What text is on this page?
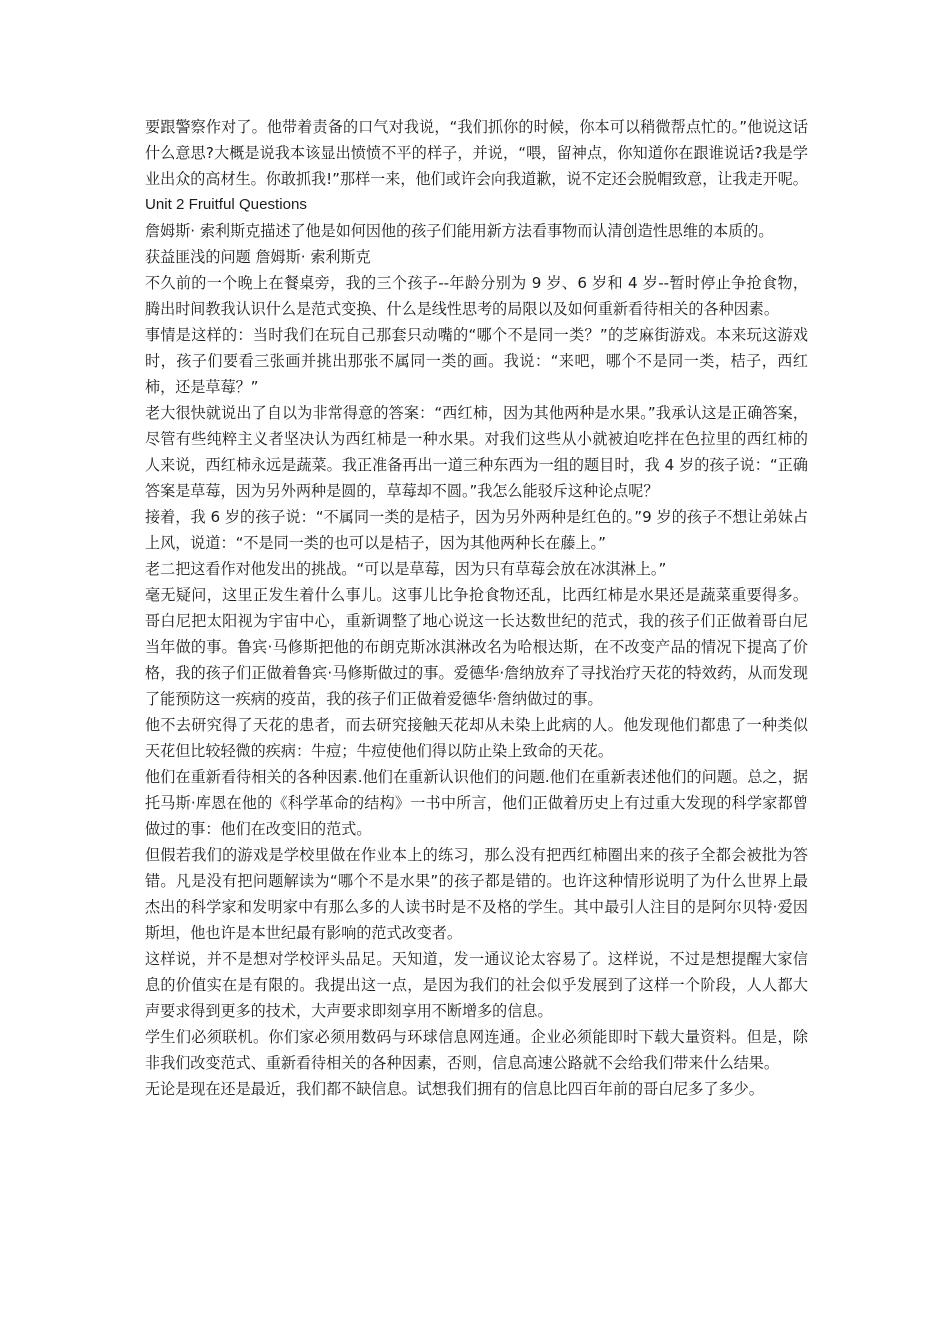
要跟警察作对了。他带着责备的口气对我说，“我们抓你的时候，你本可以稍微帮点忙的。”他说这话什么意思?大概是说我本该显出愤愤不平的样子，并说，“喂，留神点，你知道你在跟谁说话?我是学业出众的高材生。你敢抓我!”那样一来，他们或许会向我道歉，说不定还会脱帽致意，让我走开呢。

Unit 2 Fruitful Questions

詹姆斯· 索利斯克描述了他是如何因他的孩子们能用新方法看事物而认清创造性思维的本质的。

获益匪浅的问题 詹姆斯· 索利斯克

不久前的一个晚上在餐桌旁，我的三个孩子--年龄分别为 9 岁、6 岁和 4 岁--暂时停止争抢食物，腾出时间教我认识什么是范式变换、什么是线性思考的局限以及如何重新看待相关的各种因素。

事情是这样的：当时我们在玩自己那套只动嘴的“哪个不是同一类？”的芝麻街游戏。本来玩这游戏时，孩子们要看三张画并挑出那张不属同一类的画。我说：“来吧，哪个不是同一类，桔子，西红柿，还是草莓？”

老大很快就说出了自以为非常得意的答案：“西红柿，因为其他两种是水果。”我承认这是正确答案，尽管有些纯粹主义者坚决认为西红柿是一种水果。对我们这些从小就被迫吃拌在色拉里的西红柿的人来说，西红柿永远是蔬菜。我正准备再出一道三种东西为一组的题目时，我 4 岁的孩子说：“正确答案是草莓，因为另外两种是圆的，草莓却不圆。”我怎么能驳斥这种论点呢？

接着，我 6 岁的孩子说：“不属同一类的是桔子，因为另外两种是红色的。”9 岁的孩子不想让弟妹占上风，说道：“不是同一类的也可以是桔子，因为其他两种长在藤上。”

老二把这看作对他发出的挑战。“可以是草莓，因为只有草莓会放在冰淇淋上。”

毫无疑问，这里正发生着什么事儿。这事儿比争抢食物还乱，比西红柿是水果还是蔬菜重要得多。哥白尼把太阳视为宇宙中心，重新调整了地心说这一长达数世纪的范式，我的孩子们正做着哥白尼当年做的事。鲁宾·马修斯把他的布朗克斯冰淇淋改名为哈根达斯，在不改变产品的情况下提高了价格，我的孩子们正做着鲁宾·马修斯做过的事。爱德华·詹纳放弃了寻找治疗天花的特效药，从而发现了能预防这一疾病的疫苗，我的孩子们正做着爱德华·詹纳做过的事。

他不去研究得了天花的患者，而去研究接触天花却从未染上此病的人。他发现他们都患了一种类似天花但比较轻微的疾病：牛痘；牛痘使他们得以防止染上致命的天花。

他们在重新看待相关的各种因素.他们在重新认识他们的问题.他们在重新表述他们的问题。总之，据托马斯·库恩在他的《科学革命的结构》一书中所言，他们正做着历史上有过重大发现的科学家都曾做过的事：他们在改变旧的范式。

但假若我们的游戏是学校里做在作业本上的练习，那么没有把西红柿圈出来的孩子全都会被批为答错。凡是没有把问题解读为“哪个不是水果”的孩子都是错的。也许这种情形说明了为什么世界上最杰出的科学家和发明家中有那么多的人读书时是不及格的学生。其中最引人注目的是阿尔贝特·爱因斯坦，他也许是本世纪最有影响的范式改变者。

这样说，并不是想对学校评头品足。天知道，发一通议论太容易了。这样说，不过是想提醒大家信息的价值实在是有限的。我提出这一点，是因为我们的社会似乎发展到了这样一个阶段，人人都大声要求得到更多的技术，大声要求即刻享用不断增多的信息。

学生们必须联机。你们家必须用数码与环球信息网连通。企业必须能即时下载大量资料。但是，除非我们改变范式、重新看待相关的各种因素，否则，信息高速公路就不会给我们带来什么结果。

无论是现在还是最近，我们都不缺信息。试想我们拥有的信息比四百年前的哥白尼多了多少。
